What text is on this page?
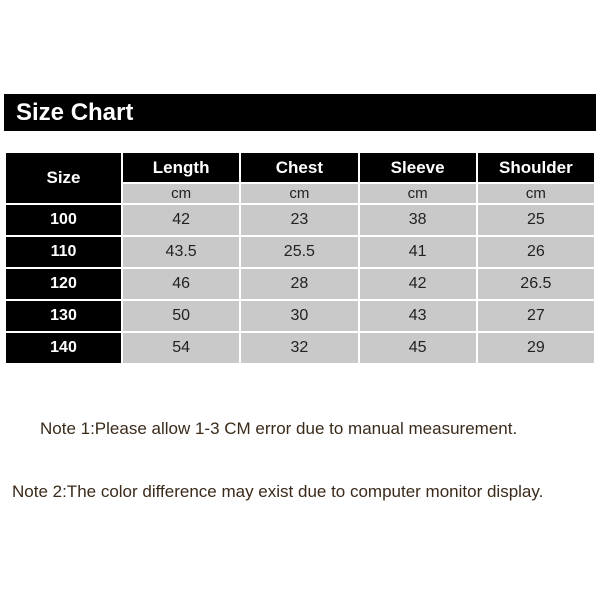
Size Chart
Size	Length	Chest	Sleeve	Shoulder
	cm	cm	cm	cm
100	42	23	38	25
110	43.5	25.5	41	26
120	46	28	42	26.5
130	50	30	43	27
140	54	32	45	29
Note 1:Please allow 1-3 CM error due to manual measurement.
Note 2:The color difference may exist due to computer monitor display.
